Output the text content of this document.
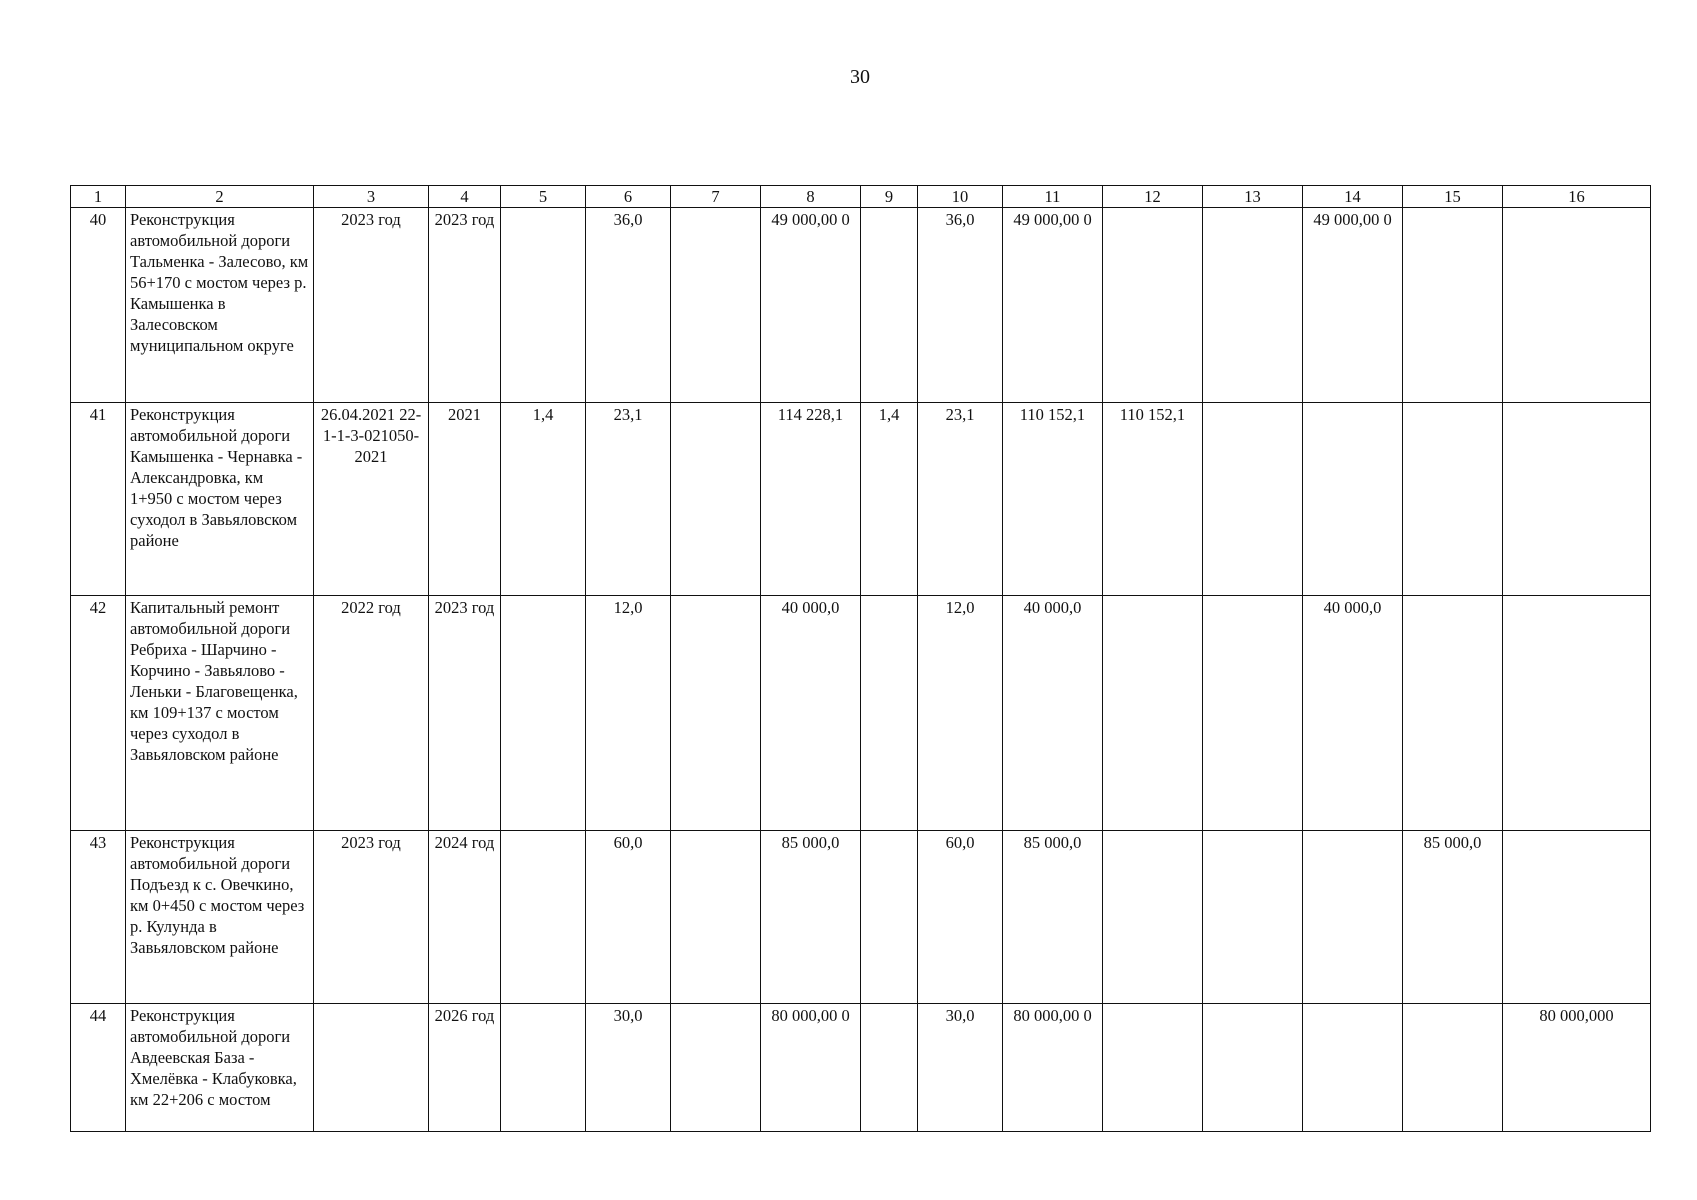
30
1	2	3	4	5	6	7	8	9	10	11	12	13	14	15	16
40	Реконструкция автомобильной дороги Тальменка - Залесово, км 56+170 с мостом через р. Камышенка в Залесовском муниципальном округе	2023 год	2023 год		36,0		49 000,00 0		36,0	49 000,00 0			49 000,00 0		
41	Реконструкция автомобильной дороги Камышенка - Чернавка - Александровка, км 1+950 с мостом через суходол в Завьяловском районе	26.04.2021 22-1-1-3-021050-2021	2021	1,4	23,1		114 228,1	1,4	23,1	110 152,1	110 152,1				
42	Капитальный ремонт автомобильной дороги Ребриха - Шарчино - Корчино - Завьялово - Леньки - Благовещенка, км 109+137 с мостом через суходол в Завьяловском районе	2022 год	2023 год		12,0		40 000,0		12,0	40 000,0			40 000,0		
43	Реконструкция автомобильной дороги Подъезд к с. Овечкино, км 0+450 с мостом через р. Кулунда в Завьяловском районе	2023 год	2024 год		60,0		85 000,0		60,0	85 000,0				85 000,0	
44	Реконструкция автомобильной дороги Авдеевская База - Хмелёвка - Клабуковка, км 22+206 с мостом		2026 год		30,0		80 000,00 0		30,0	80 000,00 0					80 000,000
